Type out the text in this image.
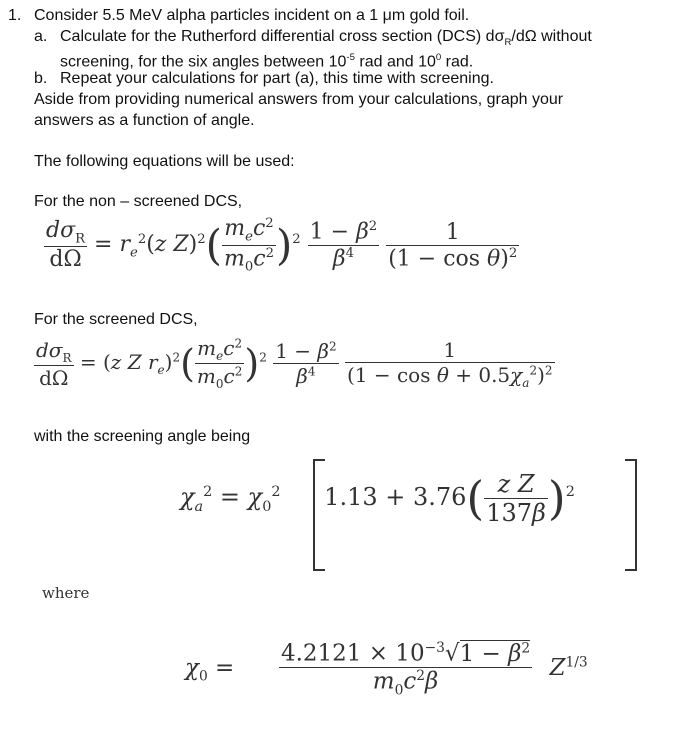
1. Consider 5.5 MeV alpha particles incident on a 1 μm gold foil.
a. Calculate for the Rutherford differential cross section (DCS) $d\sigma_R/d\Omega$ without
screening, for the six angles between $10^{-5}$ rad and $10^0$ rad.
b. Repeat your calculations for part (a), this time with screening.
Aside from providing numerical answers from your calculations, graph your
answers as a function of angle.
The following equations will be used:
For the non – screened DCS,
$\frac{d\sigma_R}{d\Omega} = r_e^2(z$ $Z)^2( \frac{m_ec^2}{m_0c^2} )^2 \frac{1 - \beta^2}{\beta^4}$
$\frac{1}{(1 - \cos \theta)^2}$
For the screened DCS,
$\frac{d\sigma_R}{d\Omega} = (z$ Z $r_e)^2( \frac{m_ec^2}{m_0c^2} )^2 \frac{1 - \beta^2}{\beta^4}$
$\frac{1}{(1 - \cos \theta + 0.5\chi_a^2)^2}$
with the screening angle being
$\chi_a^2 = \chi_0^2$ $1.13 + 3.76( \frac{\text{z Z}}{137\beta} )^2$
where
$\chi_0 = \frac{4.2121 \times 10^{-3}√1 - \beta^2}{m_0c^2\beta} Z^{1/3}$
